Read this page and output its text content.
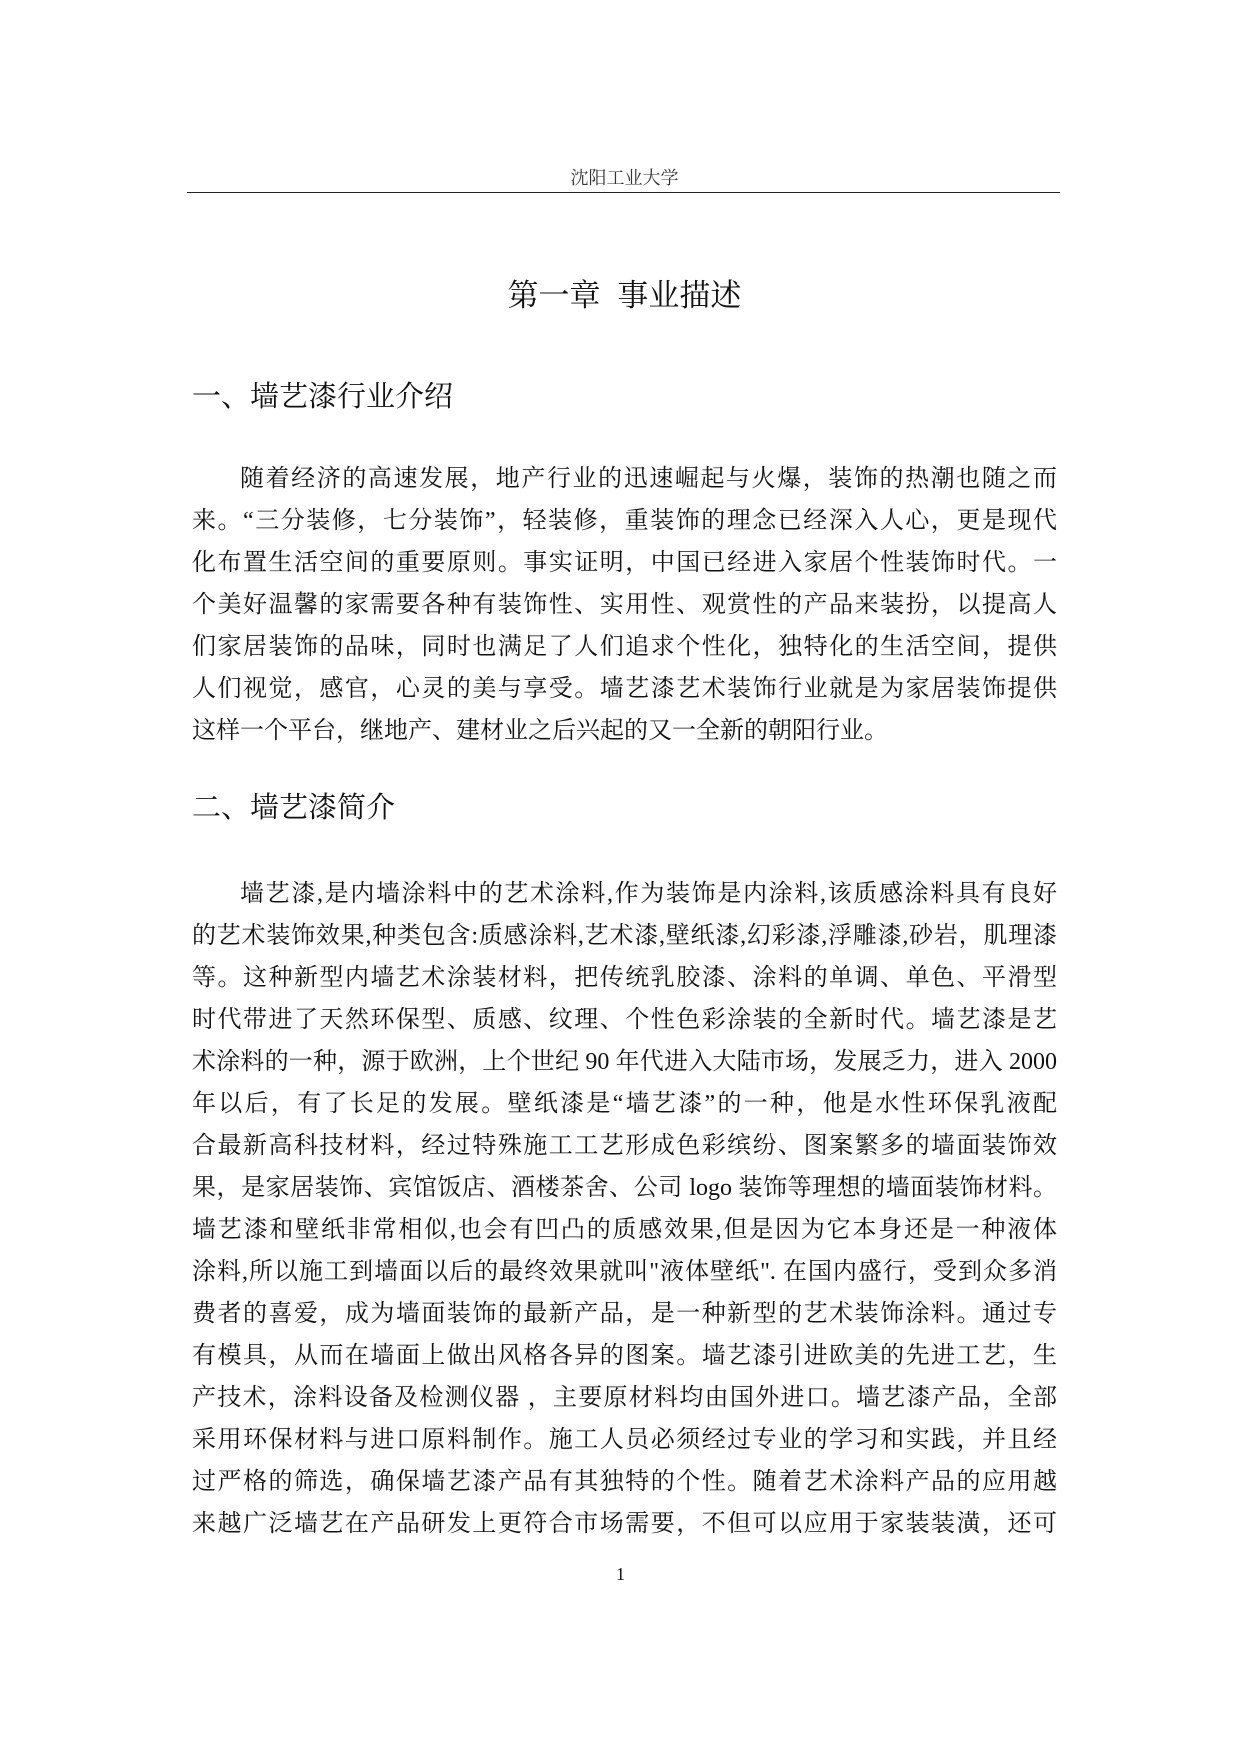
沈阳工业大学
第一章 事业描述
一、墙艺漆行业介绍
随着经济的高速发展，地产行业的迅速崛起与火爆，装饰的热潮也随之而
来。“三分装修，七分装饰”，轻装修，重装饰的理念已经深入人心，更是现代
化布置生活空间的重要原则。事实证明，中国已经进入家居个性装饰时代。一
个美好温馨的家需要各种有装饰性、实用性、观赏性的产品来装扮，以提高人
们家居装饰的品味，同时也满足了人们追求个性化，独特化的生活空间，提供
人们视觉，感官，心灵的美与享受。墙艺漆艺术装饰行业就是为家居装饰提供
这样一个平台，继地产、建材业之后兴起的又一全新的朝阳行业。
二、墙艺漆简介
墙艺漆,是内墙涂料中的艺术涂料,作为装饰是内涂料,该质感涂料具有良好
的艺术装饰效果,种类包含:质感涂料,艺术漆,壁纸漆,幻彩漆,浮雕漆,砂岩，肌理漆
等。这种新型内墙艺术涂装材料，把传统乳胶漆、涂料的单调、单色、平滑型
时代带进了天然环保型、质感、纹理、个性色彩涂装的全新时代。墙艺漆是艺
术涂料的一种，源于欧洲，上个世纪 90 年代进入大陆市场，发展乏力，进入 2000
年以后，有了长足的发展。壁纸漆是“墙艺漆”的一种，他是水性环保乳液配
合最新高科技材料，经过特殊施工工艺形成色彩缤纷、图案繁多的墙面装饰效
果，是家居装饰、宾馆饭店、酒楼茶舍、公司 logo 装饰等理想的墙面装饰材料。
墙艺漆和壁纸非常相似,也会有凹凸的质感效果,但是因为它本身还是一种液体
涂料,所以施工到墙面以后的最终效果就叫"液体壁纸". 在国内盛行，受到众多消
费者的喜爱，成为墙面装饰的最新产品，是一种新型的艺术装饰涂料。通过专
有模具，从而在墙面上做出风格各异的图案。墙艺漆引进欧美的先进工艺，生
产技术，涂料设备及检测仪器 ，主要原材料均由国外进口。墙艺漆产品，全部
采用环保材料与进口原料制作。施工人员必须经过专业的学习和实践，并且经
过严格的筛选，确保墙艺漆产品有其独特的个性。随着艺术涂料产品的应用越
来越广泛墙艺在产品研发上更符合市场需要，不但可以应用于家装装潢，还可
1
